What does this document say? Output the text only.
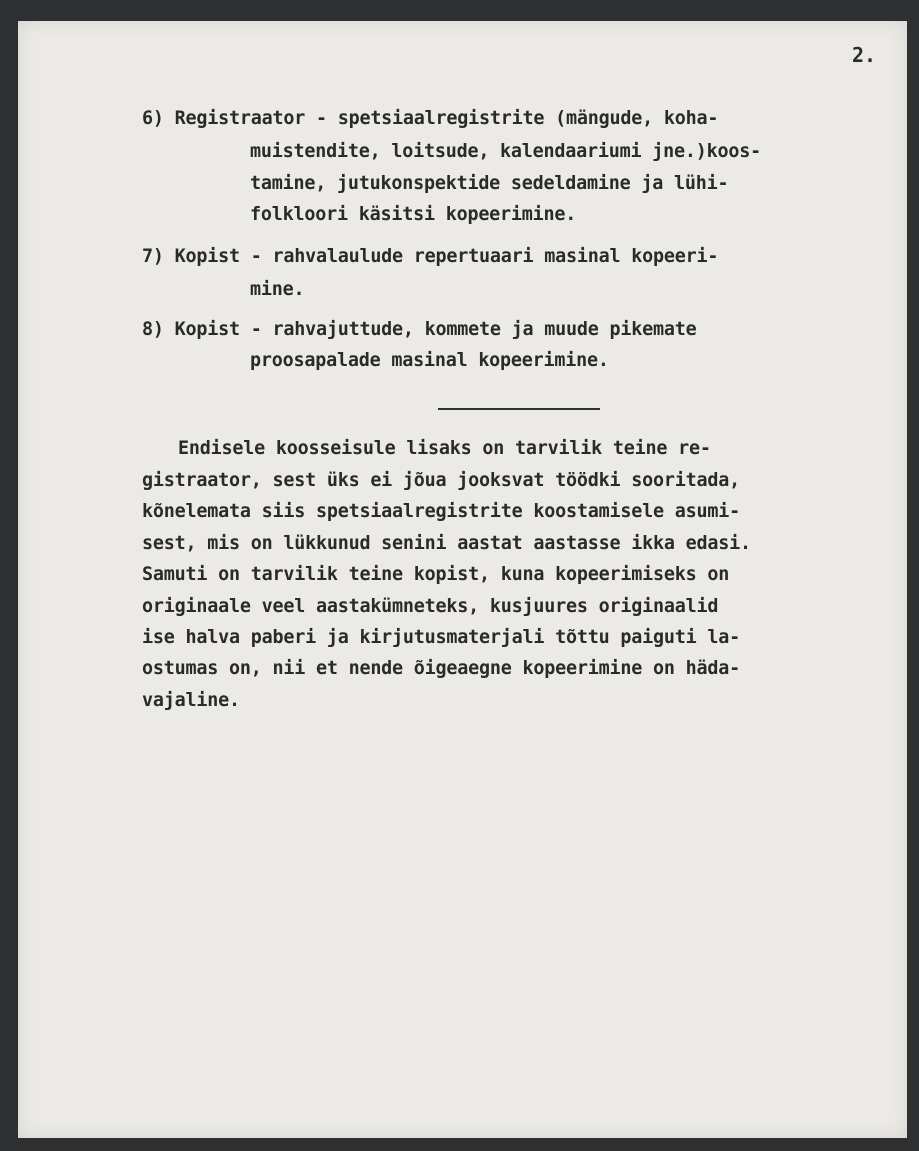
2.
6) Registraator - spetsiaalregistrite (mängude, koha-
muistendite, loitsude, kalendaariumi jne.)koos-
tamine, jutukonspektide sedeldamine ja lühi-
folkloori käsitsi kopeerimine.
7) Kopist - rahvalaulude repertuaari masinal kopeeri-
mine.
8) Kopist - rahvajuttude, kommete ja muude pikemate
proosapalade masinal kopeerimine.
Endisele koosseisule lisaks on tarvilik teine re-
gistraator, sest üks ei jõua jooksvat töödki sooritada,
kõnelemata siis spetsiaalregistrite koostamisele asumi-
sest, mis on lükkunud senini aastat aastasse ikka edasi.
Samuti on tarvilik teine kopist, kuna kopeerimiseks on
originaale veel aastakümneteks, kusjuures originaalid
ise halva paberi ja kirjutusmaterjali tõttu paiguti la-
ostumas on, nii et nende õigeaegne kopeerimine on häda-
vajaline.
